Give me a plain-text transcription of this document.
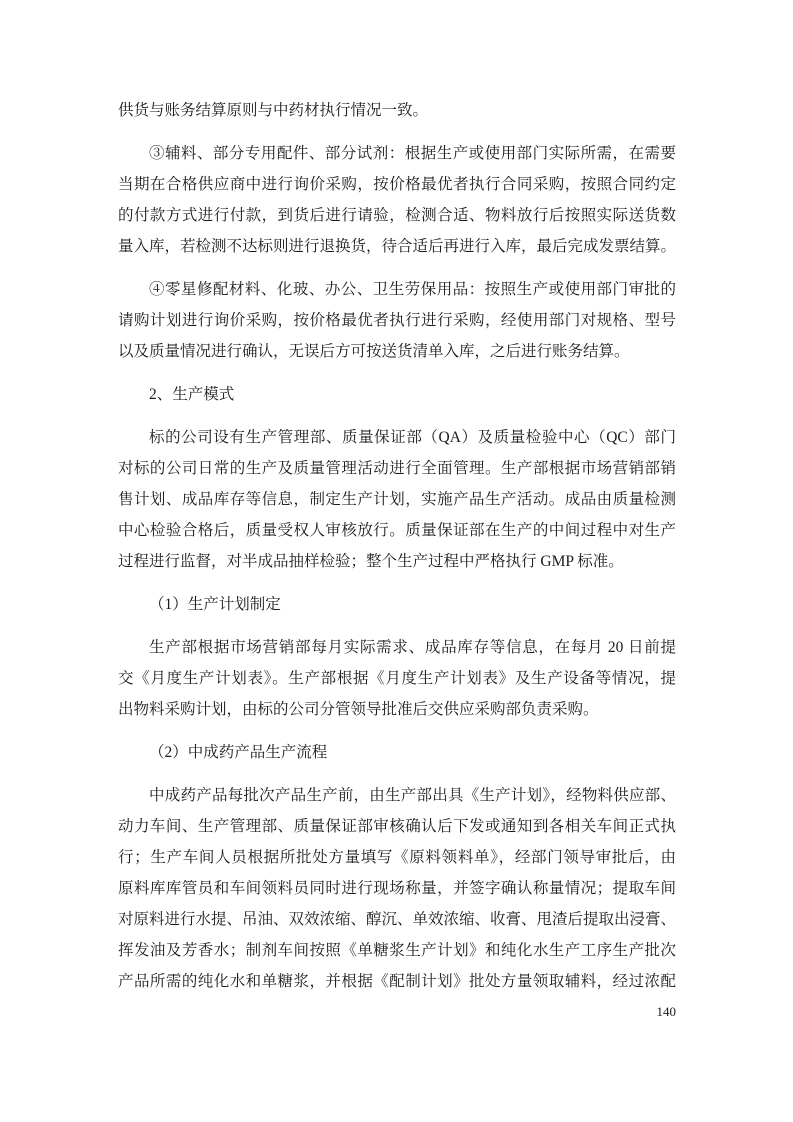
供货与账务结算原则与中药材执行情况一致。
③辅料、部分专用配件、部分试剂：根据生产或使用部门实际所需，在需要
当期在合格供应商中进行询价采购，按价格最优者执行合同采购，按照合同约定
的付款方式进行付款，到货后进行请验，检测合适、物料放行后按照实际送货数
量入库，若检测不达标则进行退换货，待合适后再进行入库，最后完成发票结算。
④零星修配材料、化玻、办公、卫生劳保用品：按照生产或使用部门审批的
请购计划进行询价采购，按价格最优者执行进行采购，经使用部门对规格、型号
以及质量情况进行确认，无误后方可按送货清单入库，之后进行账务结算。
2、生产模式
标的公司设有生产管理部、质量保证部（QA）及质量检验中心（QC）部门
对标的公司日常的生产及质量管理活动进行全面管理。生产部根据市场营销部销
售计划、成品库存等信息，制定生产计划，实施产品生产活动。成品由质量检测
中心检验合格后，质量受权人审核放行。质量保证部在生产的中间过程中对生产
过程进行监督，对半成品抽样检验；整个生产过程中严格执行 GMP 标准。
（1）生产计划制定
生产部根据市场营销部每月实际需求、成品库存等信息，在每月 20 日前提
交《月度生产计划表》。生产部根据《月度生产计划表》及生产设备等情况，提
出物料采购计划，由标的公司分管领导批准后交供应采购部负责采购。
（2）中成药产品生产流程
中成药产品每批次产品生产前，由生产部出具《生产计划》，经物料供应部、
动力车间、生产管理部、质量保证部审核确认后下发或通知到各相关车间正式执
行；生产车间人员根据所批处方量填写《原料领料单》，经部门领导审批后，由
原料库库管员和车间领料员同时进行现场称量，并签字确认称量情况；提取车间
对原料进行水提、吊油、双效浓缩、醇沉、单效浓缩、收膏、甩渣后提取出浸膏、
挥发油及芳香水；制剂车间按照《单糖浆生产计划》和纯化水生产工序生产批次
产品所需的纯化水和单糖浆，并根据《配制计划》批处方量领取辅料，经过浓配
140
